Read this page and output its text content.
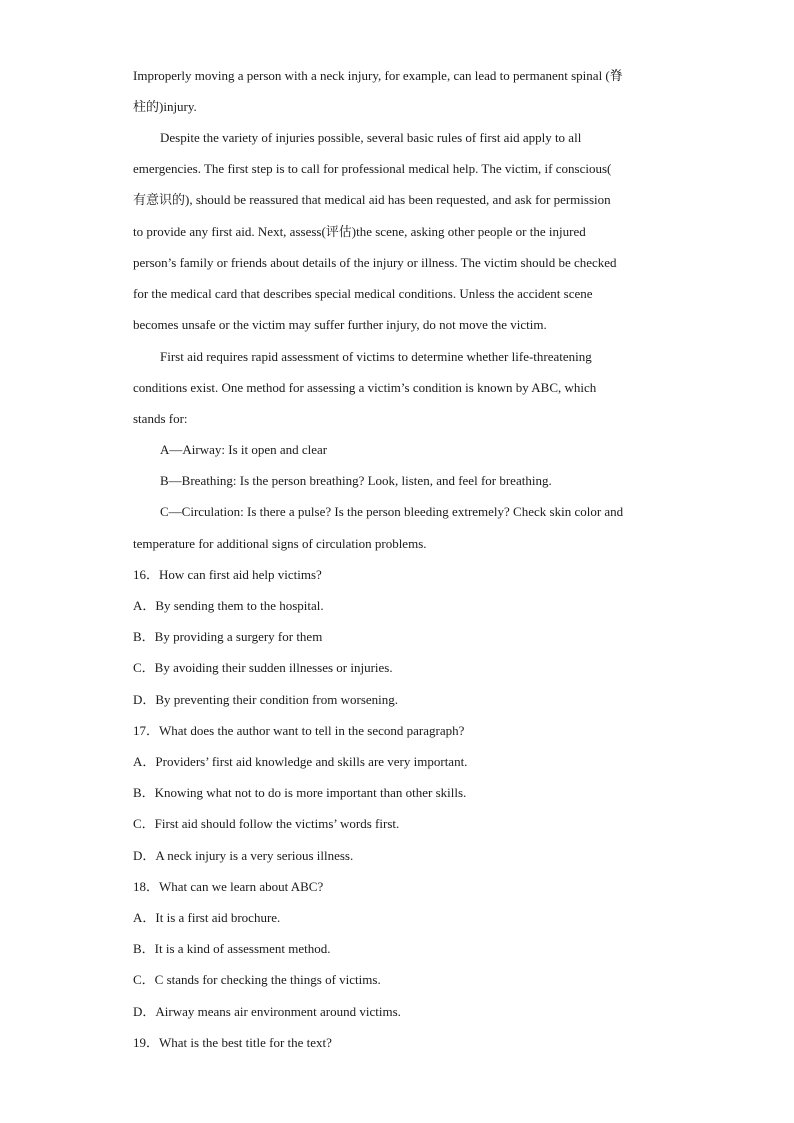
Improperly moving a person with a neck injury, for example, can lead to permanent spinal (脊
柱的)injury.
Despite the variety of injuries possible, several basic rules of first aid apply to all
emergencies. The first step is to call for professional medical help. The victim, if conscious(
有意识的), should be reassured that medical aid has been requested, and ask for permission
to provide any first aid. Next, assess(评估)the scene, asking other people or the injured
person’s family or friends about details of the injury or illness. The victim should be checked
for the medical card that describes special medical conditions. Unless the accident scene
becomes unsafe or the victim may suffer further injury, do not move the victim.
First aid requires rapid assessment of victims to determine whether life-threatening
conditions exist. One method for assessing a victim’s condition is known by ABC, which
stands for:
A—Airway: Is it open and clear
B—Breathing: Is the person breathing? Look, listen, and feel for breathing.
C—Circulation: Is there a pulse? Is the person bleeding extremely? Check skin color and
temperature for additional signs of circulation problems.
16．How can first aid help victims?
A．By sending them to the hospital.
B．By providing a surgery for them
C．By avoiding their sudden illnesses or injuries.
D．By preventing their condition from worsening.
17．What does the author want to tell in the second paragraph?
A．Providers’ first aid knowledge and skills are very important.
B．Knowing what not to do is more important than other skills.
C．First aid should follow the victims’ words first.
D．A neck injury is a very serious illness.
18．What can we learn about ABC?
A．It is a first aid brochure.
B．It is a kind of assessment method.
C．C stands for checking the things of victims.
D．Airway means air environment around victims.
19．What is the best title for the text?
